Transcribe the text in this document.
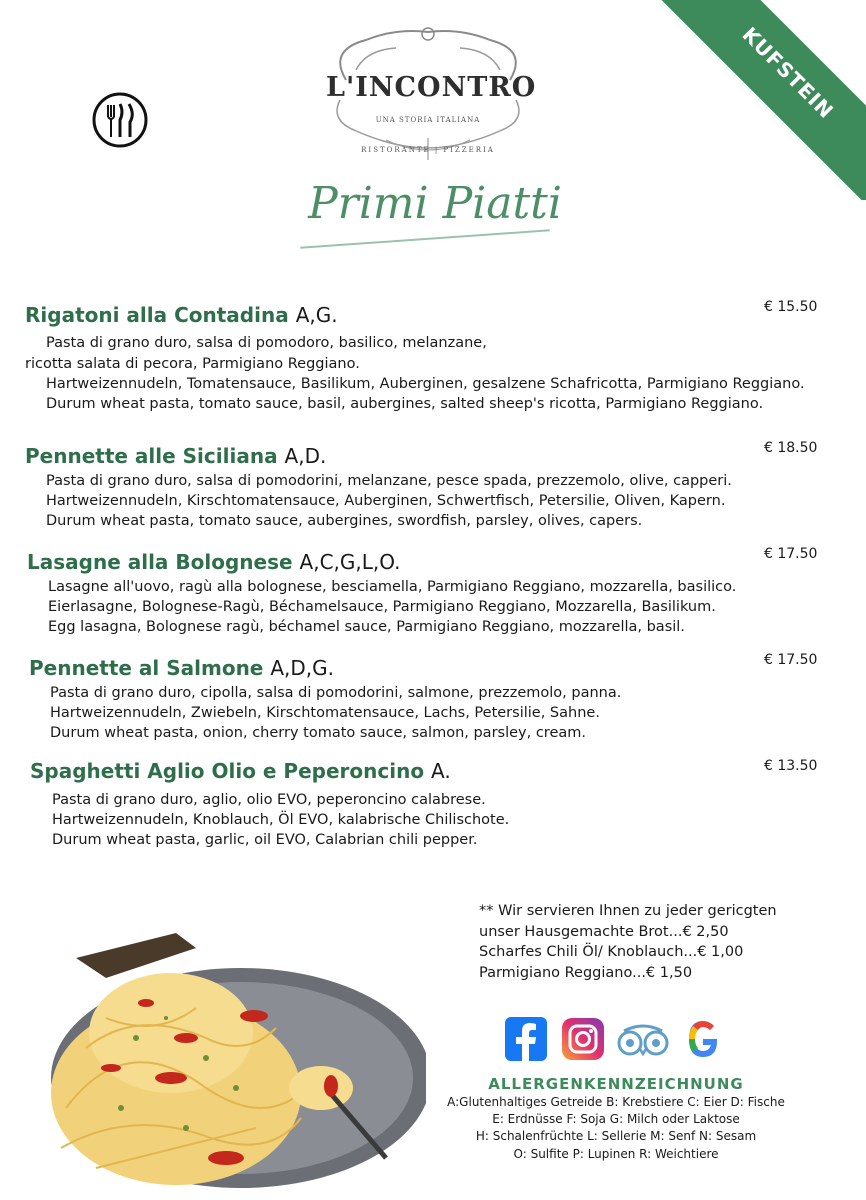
KUFSTEIN
L'INCONTRO
UNA STORIA ITALIANA
RISTORANTE | PIZZERIA
Primi Piatti
Rigatoni alla Contadina A,G.	€ 15.50
Pasta di grano duro, salsa di pomodoro, basilico, melanzane,
ricotta salata di pecora, Parmigiano Reggiano.
Hartweizennudeln, Tomatensauce, Basilikum, Auberginen, gesalzene Schafricotta, Parmigiano Reggiano.
Durum wheat pasta, tomato sauce, basil, aubergines, salted sheep's ricotta, Parmigiano Reggiano.
Pennette alle Siciliana A,D.	€ 18.50
Pasta di grano duro, salsa di pomodorini, melanzane, pesce spada, prezzemolo, olive, capperi.
Hartweizennudeln, Kirschtomatensauce, Auberginen, Schwertfisch, Petersilie, Oliven, Kapern.
Durum wheat pasta, tomato sauce, aubergines, swordfish, parsley, olives, capers.
Lasagne alla Bolognese A,C,G,L,O.	€ 17.50
Lasagne all'uovo, ragù alla bolognese, besciamella, Parmigiano Reggiano, mozzarella, basilico.
Eierlasagne, Bolognese-Ragù, Béchamelsauce, Parmigiano Reggiano, Mozzarella, Basilikum.
Egg lasagna, Bolognese ragù, béchamel sauce, Parmigiano Reggiano, mozzarella, basil.
Pennette al Salmone A,D,G.	€ 17.50
Pasta di grano duro, cipolla, salsa di pomodorini, salmone, prezzemolo, panna.
Hartweizennudeln, Zwiebeln, Kirschtomatensauce, Lachs, Petersilie, Sahne.
Durum wheat pasta, onion, cherry tomato sauce, salmon, parsley, cream.
Spaghetti Aglio Olio e Peperoncino A.	€ 13.50
Pasta di grano duro, aglio, olio EVO, peperoncino calabrese.
Hartweizennudeln, Knoblauch, Öl EVO, kalabrische Chilischote.
Durum wheat pasta, garlic, oil EVO, Calabrian chili pepper.
** Wir servieren Ihnen zu jeder gericgten
unser Hausgemachte Brot...€ 2,50
Scharfes Chili Öl/ Knoblauch...€ 1,00
Parmigiano Reggiano...€ 1,50
ALLERGENKENNZEICHNUNG
A:Glutenhaltiges Getreide B: Krebstiere C: Eier D: Fische
E: Erdnüsse F: Soja G: Milch oder Laktose
H: Schalenfrüchte L: Sellerie M: Senf N: Sesam
O: Sulfite P: Lupinen R: Weichtiere
